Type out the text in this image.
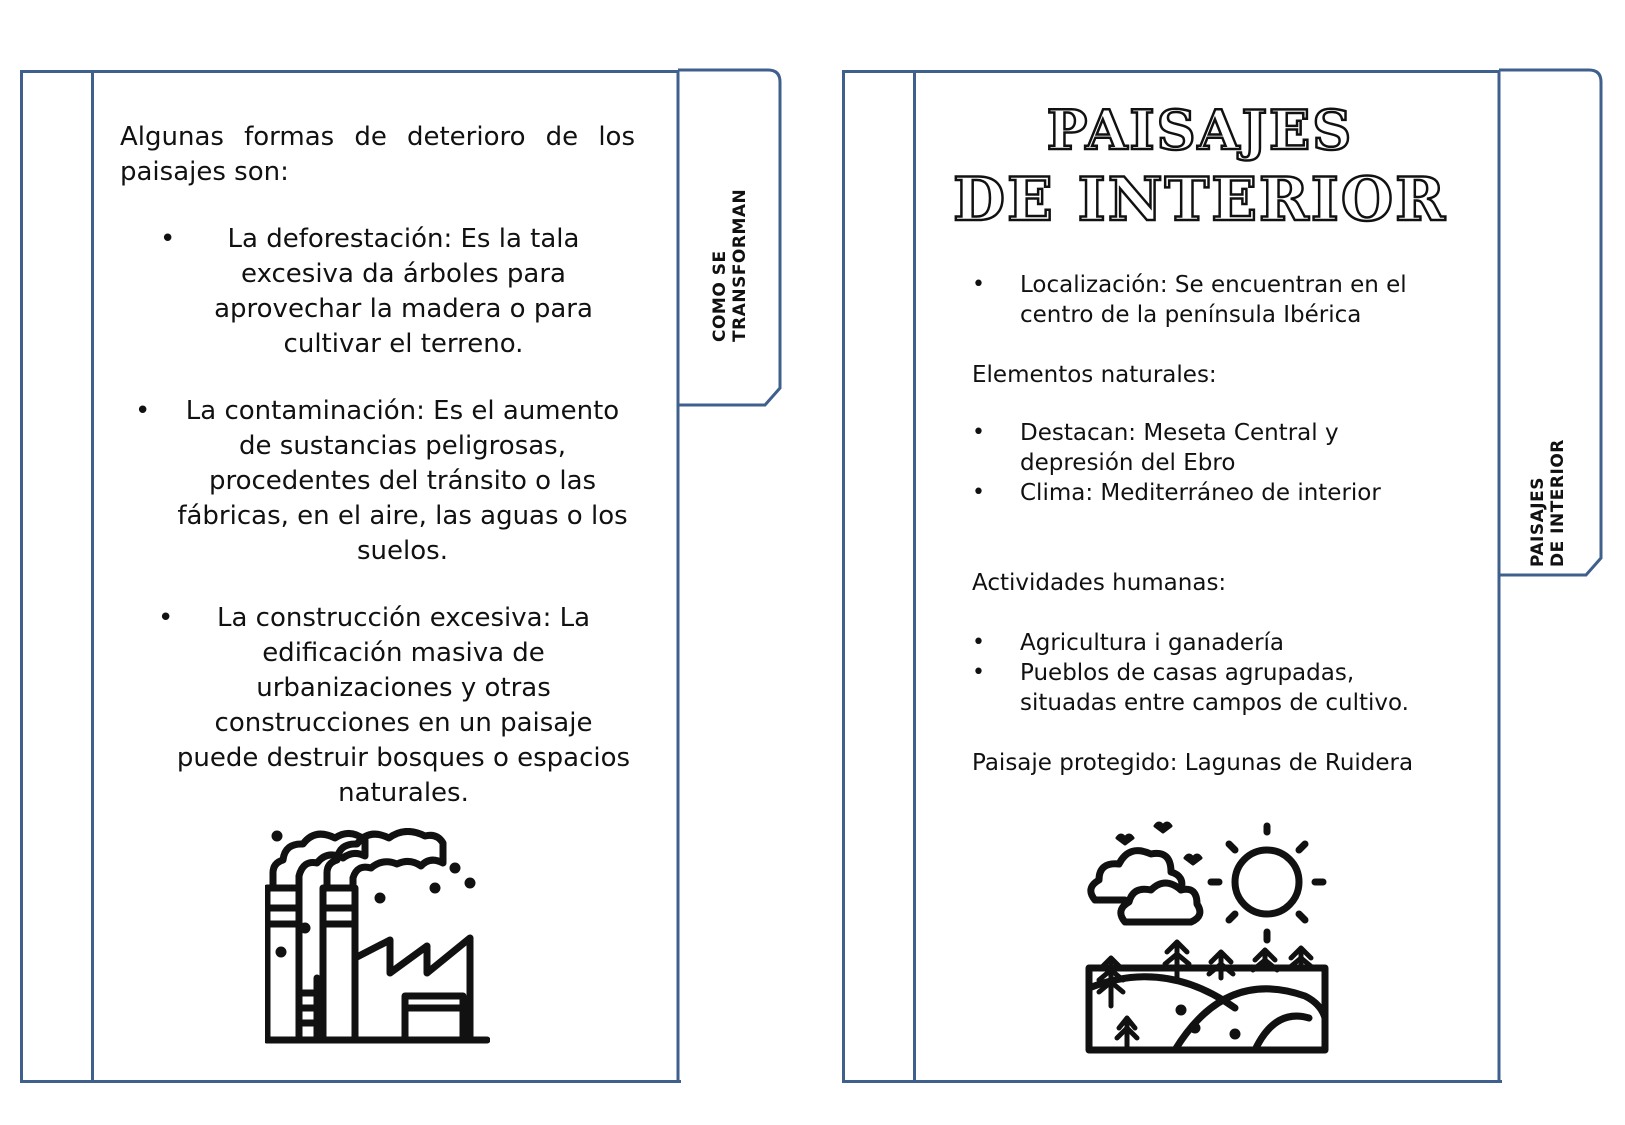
COMO SE
TRANSFORMAN

Algunas formas de deterioro de los paisajes son:

• La deforestación: Es la tala excesiva da árboles para aprovechar la madera o para cultivar el terreno.
• La contaminación: Es el aumento de sustancias peligrosas, procedentes del tránsito o las fábricas, en el aire, las aguas o los suelos.
• La construcción excesiva: La edificación masiva de urbanizaciones y otras construcciones en un paisaje puede destruir bosques o espacios naturales.
PAISAJES
DE INTERIOR

PAISAJES

DE INTERIOR

• Localización: Se encuentran en el centro de la península Ibérica

Elementos naturales:

• Destacan: Meseta Central y depresión del Ebro
• Clima: Mediterráneo de interior

Actividades humanas:

• Agricultura i ganadería
• Pueblos de casas agrupadas, situadas entre campos de cultivo.

Paisaje protegido: Lagunas de Ruidera
